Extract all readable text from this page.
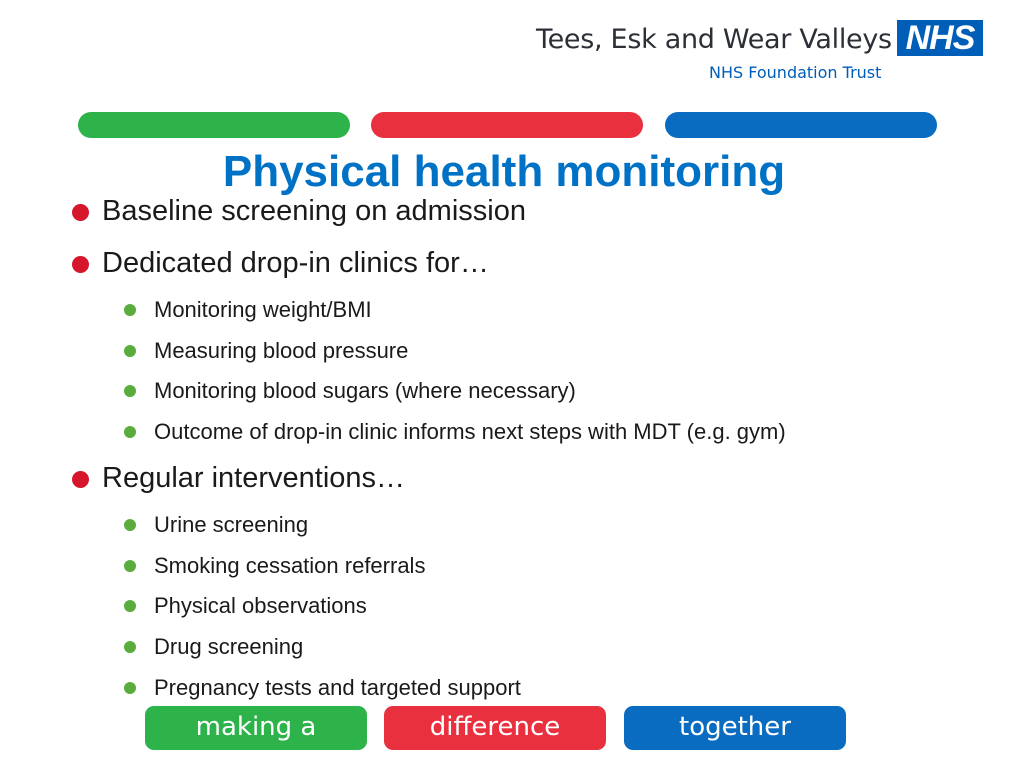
Tees, Esk and Wear Valleys
NHS Foundation Trust
NHS
Physical health monitoring
Baseline screening on admission
Dedicated drop-in clinics for…
Monitoring weight/BMI
Measuring blood pressure
Monitoring blood sugars (where necessary)
Outcome of drop-in clinic informs next steps with MDT (e.g. gym)
Regular interventions…
Urine screening
Smoking cessation referrals
Physical observations
Drug screening
Pregnancy tests and targeted support
making a	difference	together
